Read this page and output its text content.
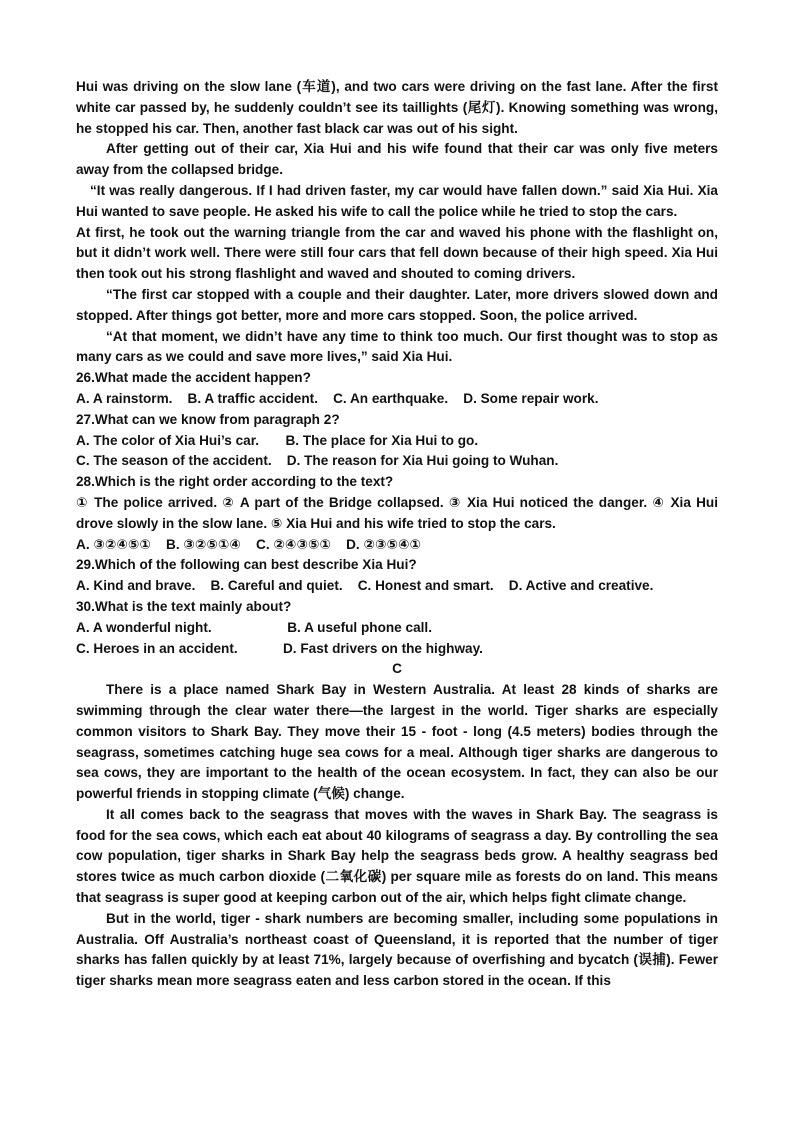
Hui was driving on the slow lane (车道), and two cars were driving on the fast lane. After the first white car passed by, he suddenly couldn’t see its taillights (尾灯). Knowing something was wrong, he stopped his car. Then, another fast black car was out of his sight.

After getting out of their car, Xia Hui and his wife found that their car was only five meters away from the collapsed bridge.

“It was really dangerous. If I had driven faster, my car would have fallen down.” said Xia Hui. Xia Hui wanted to save people. He asked his wife to call the police while he tried to stop the cars.

At first, he took out the warning triangle from the car and waved his phone with the flashlight on, but it didn’t work well. There were still four cars that fell down because of their high speed. Xia Hui then took out his strong flashlight and waved and shouted to coming drivers.

“The first car stopped with a couple and their daughter. Later, more drivers slowed down and stopped. After things got better, more and more cars stopped. Soon, the police arrived.

“At that moment, we didn’t have any time to think too much. Our first thought was to stop as many cars as we could and save more lives,” said Xia Hui.

26.What made the accident happen?

A. A rainstorm.    B. A traffic accident.    C. An earthquake.    D. Some repair work.

27.What can we know from paragraph 2?

A. The color of Xia Hui’s car.       B. The place for Xia Hui to go.

C. The season of the accident.    D. The reason for Xia Hui going to Wuhan.

28.Which is the right order according to the text?

① The police arrived. ② A part of the Bridge collapsed. ③ Xia Hui noticed the danger. ④ Xia Hui drove slowly in the slow lane. ⑤ Xia Hui and his wife tried to stop the cars.

A. ③②④⑤①    B. ③②⑤①④    C. ②④③⑤①    D. ②③⑤④①

29.Which of the following can best describe Xia Hui?

A. Kind and brave.    B. Careful and quiet.    C. Honest and smart.    D. Active and creative.

30.What is the text mainly about?

A. A wonderful night.                    B. A useful phone call.

C. Heroes in an accident.            D. Fast drivers on the highway.

C

There is a place named Shark Bay in Western Australia. At least 28 kinds of sharks are swimming through the clear water there—the largest in the world. Tiger sharks are especially common visitors to Shark Bay. They move their 15 - foot - long (4.5 meters) bodies through the seagrass, sometimes catching huge sea cows for a meal. Although tiger sharks are dangerous to sea cows, they are important to the health of the ocean ecosystem. In fact, they can also be our powerful friends in stopping climate (气候) change.

It all comes back to the seagrass that moves with the waves in Shark Bay. The seagrass is food for the sea cows, which each eat about 40 kilograms of seagrass a day. By controlling the sea cow population, tiger sharks in Shark Bay help the seagrass beds grow. A healthy seagrass bed stores twice as much carbon dioxide (二氧化碳) per square mile as forests do on land. This means that seagrass is super good at keeping carbon out of the air, which helps fight climate change.

But in the world, tiger - shark numbers are becoming smaller, including some populations in Australia. Off Australia’s northeast coast of Queensland, it is reported that the number of tiger sharks has fallen quickly by at least 71%, largely because of overfishing and bycatch (误捕). Fewer tiger sharks mean more seagrass eaten and less carbon stored in the ocean. If this
